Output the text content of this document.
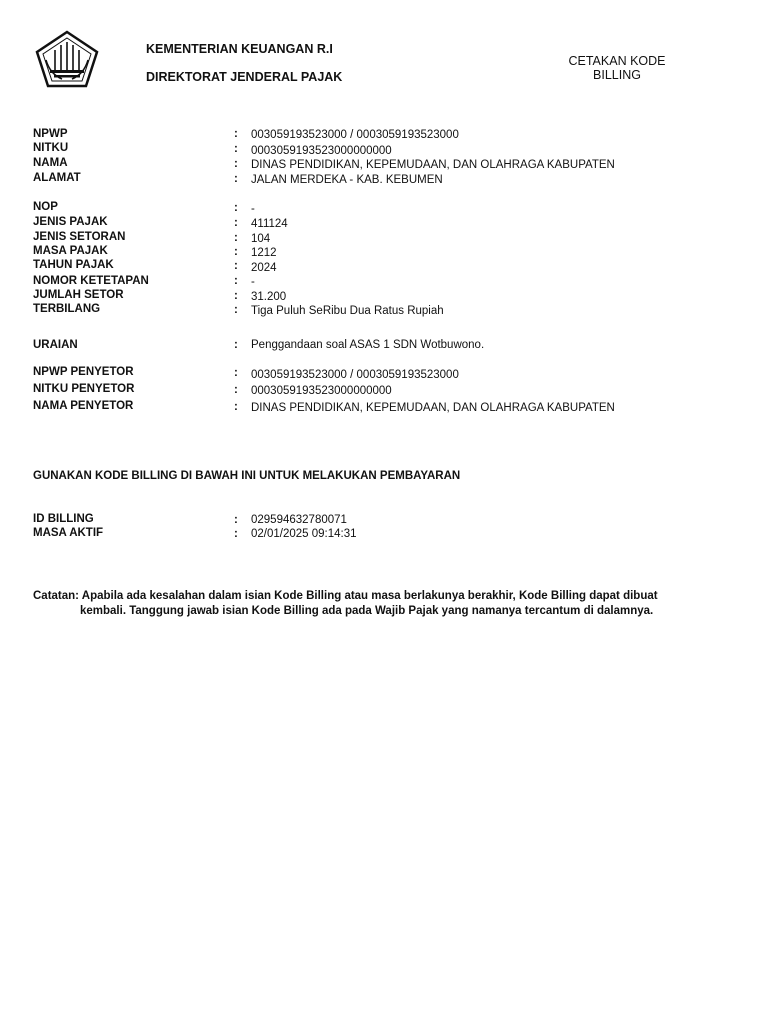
KEMENTERIAN KEUANGAN R.I
DIREKTORAT JENDERAL PAJAK
CETAKAN KODE
BILLING
NPWP	: 003059193523000 / 0003059193523000
NITKU	: 0003059193523000000000
NAMA	: DINAS PENDIDIKAN, KEPEMUDAAN, DAN OLAHRAGA KABUPATEN
ALAMAT	: JALAN MERDEKA - KAB. KEBUMEN
NOP	: -
JENIS PAJAK	: 411124
JENIS SETORAN	: 104
MASA PAJAK	: 1212
TAHUN PAJAK	: 2024
NOMOR KETETAPAN	: -
JUMLAH SETOR	: 31.200
TERBILANG	: Tiga Puluh SeRibu Dua Ratus Rupiah
URAIAN	: Penggandaan soal ASAS 1 SDN Wotbuwono.
NPWP PENYETOR	: 003059193523000 / 0003059193523000
NITKU PENYETOR	: 0003059193523000000000
NAMA PENYETOR	: DINAS PENDIDIKAN, KEPEMUDAAN, DAN OLAHRAGA KABUPATEN
GUNAKAN KODE BILLING DI BAWAH INI UNTUK MELAKUKAN PEMBAYARAN
ID BILLING	: 029594632780071
MASA AKTIF	: 02/01/2025 09:14:31
Catatan: Apabila ada kesalahan dalam isian Kode Billing atau masa berlakunya berakhir, Kode Billing dapat dibuat
kembali. Tanggung jawab isian Kode Billing ada pada Wajib Pajak yang namanya tercantum di dalamnya.
